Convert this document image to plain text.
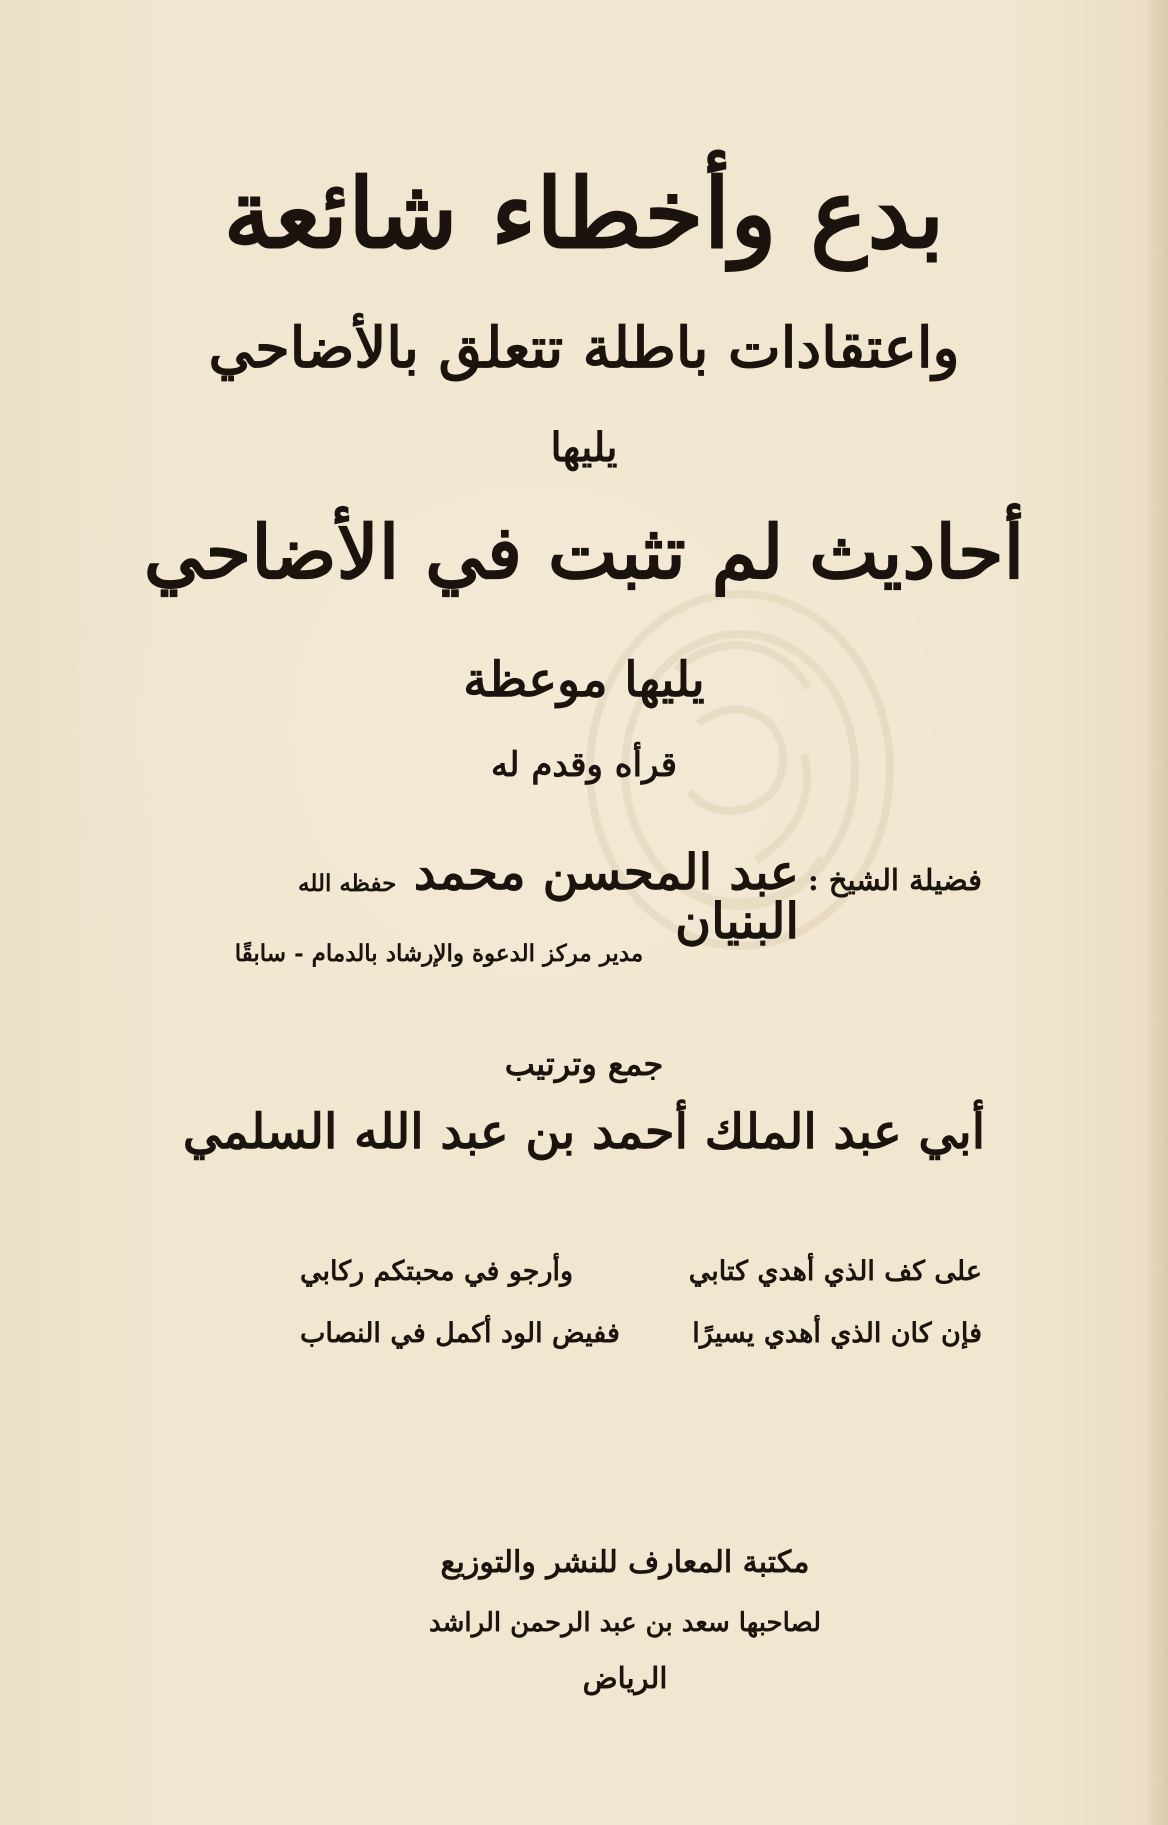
بدع وأخطاء شائعة
واعتقادات باطلة تتعلق بالأضاحي
يليها
أحاديث لم تثبت في الأضاحي
يليها موعظة
قرأه وقدم له
فضيلة الشيخ :
عبد المحسن محمد البنيان
حفظه الله
مدير مركز الدعوة والإرشاد بالدمام - سابقًا
جمع وترتيب
أبي عبد الملك أحمد بن عبد الله السلمي
على كف الذي أهدي كتابي
وأرجو في محبتكم ركابي
فإن كان الذي أهدي يسيرًا
ففيض الود أكمل في النصاب
مكتبة المعارف للنشر والتوزيع
لصاحبها سعد بن عبد الرحمن الراشد
الرياض
